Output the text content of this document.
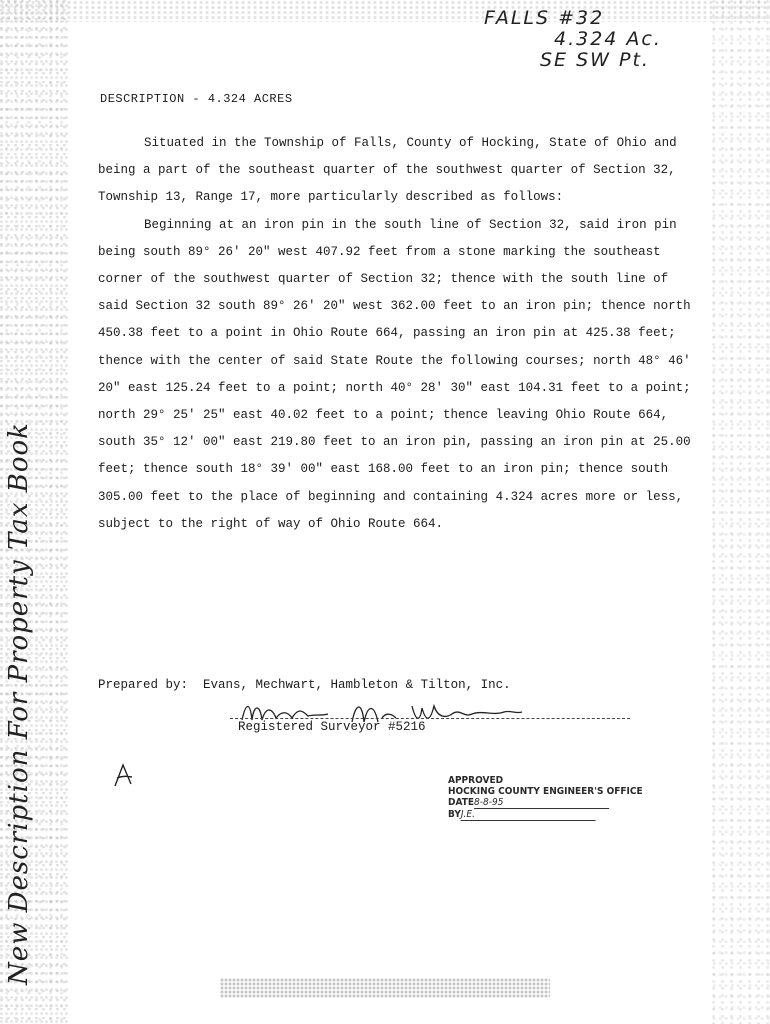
FALLS #32
4.324 Ac.
SE SW Pt.
DESCRIPTION - 4.324 ACRES

Situated in the Township of Falls, County of Hocking, State of Ohio and being a part of the southeast quarter of the southwest quarter of Section 32, Township 13, Range 17, more particularly described as follows:

Beginning at an iron pin in the south line of Section 32, said iron pin being south 89° 26' 20" west 407.92 feet from a stone marking the southeast corner of the southwest quarter of Section 32; thence with the south line of said Section 32 south 89° 26' 20" west 362.00 feet to an iron pin; thence north 450.38 feet to a point in Ohio Route 664, passing an iron pin at 425.38 feet; thence with the center of said State Route the following courses; north 48° 46' 20" east 125.24 feet to a point; north 40° 28' 30" east 104.31 feet to a point; north 29° 25' 25" east 40.02 feet to a point; thence leaving Ohio Route 664, south 35° 12' 00" east 219.80 feet to an iron pin, passing an iron pin at 25.00 feet; thence south 18° 39' 00" east 168.00 feet to an iron pin; thence south 305.00 feet to the place of beginning and containing 4.324 acres more or less, subject to the right of way of Ohio Route 664.

Prepared by: Evans, Mechwart, Hambleton & Tilton, Inc.
Registered Surveyor #5216
APPROVED
HOCKING COUNTY ENGINEER'S OFFICE
DATE8-8-95
BYJ.E.
New Description For Property Tax Book
